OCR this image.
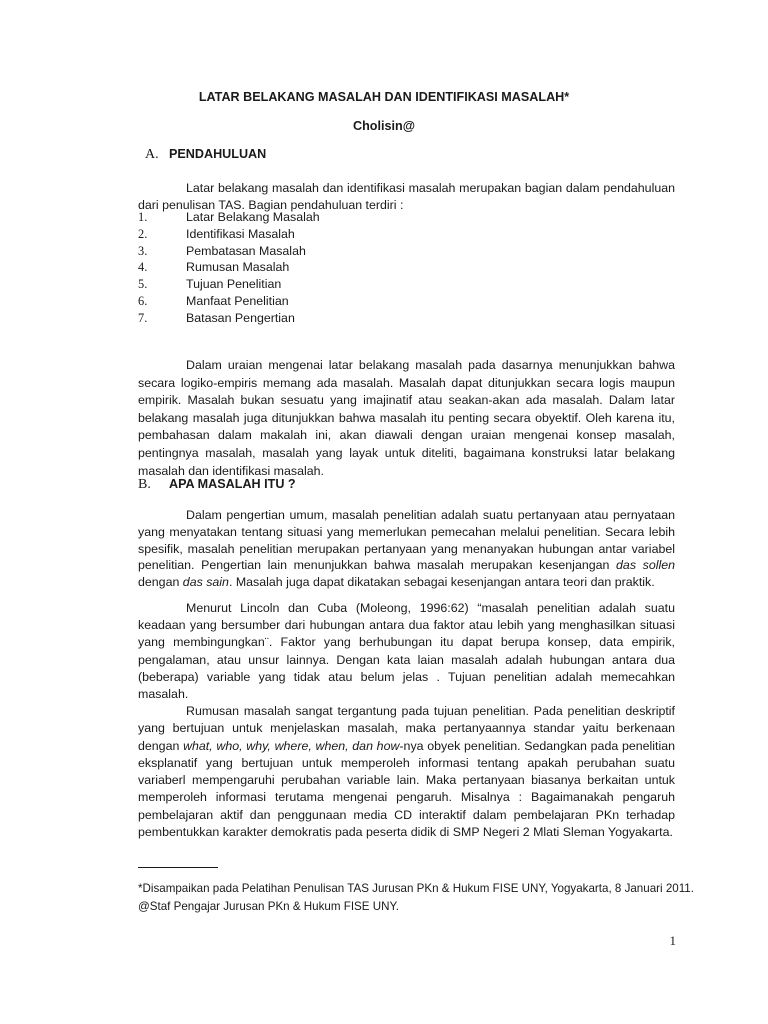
LATAR BELAKANG MASALAH DAN IDENTIFIKASI MASALAH*
Cholisin@
A. PENDAHULUAN
Latar belakang masalah dan identifikasi masalah merupakan bagian dalam pendahuluan dari penulisan TAS. Bagian pendahuluan terdiri :
1.	Latar Belakang Masalah
2.	Identifikasi Masalah
3.	Pembatasan Masalah
4.	Rumusan Masalah
5.	Tujuan Penelitian
6.	Manfaat Penelitian
7.	Batasan Pengertian
Dalam uraian mengenai latar belakang masalah pada dasarnya menunjukkan bahwa secara logiko-empiris memang ada masalah. Masalah dapat ditunjukkan secara logis maupun empirik. Masalah bukan sesuatu yang imajinatif atau seakan-akan ada masalah. Dalam latar belakang masalah juga ditunjukkan bahwa masalah itu penting secara obyektif. Oleh karena itu, pembahasan dalam makalah ini, akan diawali dengan uraian mengenai konsep masalah, pentingnya masalah, masalah yang layak untuk diteliti, bagaimana konstruksi latar belakang masalah dan identifikasi masalah.
B. APA MASALAH ITU ?
Dalam pengertian umum, masalah penelitian adalah suatu pertanyaan atau pernyataan yang menyatakan tentang situasi yang memerlukan pemecahan melalui penelitian. Secara lebih spesifik, masalah penelitian merupakan pertanyaan yang menanyakan hubungan antar variabel penelitian. Pengertian lain menunjukkan bahwa masalah merupakan kesenjangan das sollen dengan das sain. Masalah juga dapat dikatakan sebagai kesenjangan antara teori dan praktik.
Menurut Lincoln dan Cuba (Moleong, 1996:62) “masalah penelitian adalah suatu keadaan yang bersumber dari hubungan antara dua faktor atau lebih yang menghasilkan situasi yang membingungkan¨. Faktor yang berhubungan itu dapat berupa konsep, data empirik, pengalaman, atau unsur lainnya. Dengan kata laian masalah adalah hubungan antara dua (beberapa) variable yang tidak atau belum jelas . Tujuan penelitian adalah memecahkan masalah.
Rumusan masalah sangat tergantung pada tujuan penelitian. Pada penelitian deskriptif yang bertujuan untuk menjelaskan masalah, maka pertanyaannya standar yaitu berkenaan dengan what, who, why, where, when, dan how-nya obyek penelitian. Sedangkan pada penelitian eksplanatif yang bertujuan untuk memperoleh informasi tentang apakah perubahan suatu variaberl mempengaruhi perubahan variable lain. Maka pertanyaan biasanya berkaitan untuk memperoleh informasi terutama mengenai pengaruh. Misalnya : Bagaimanakah pengaruh pembelajaran aktif dan penggunaan media CD interaktif dalam pembelajaran PKn terhadap pembentukkan karakter demokratis pada peserta didik di SMP Negeri 2 Mlati Sleman Yogyakarta.
*Disampaikan pada Pelatihan Penulisan TAS Jurusan PKn & Hukum FISE UNY, Yogyakarta, 8 Januari 2011.
@Staf Pengajar Jurusan PKn & Hukum FISE UNY.
1
